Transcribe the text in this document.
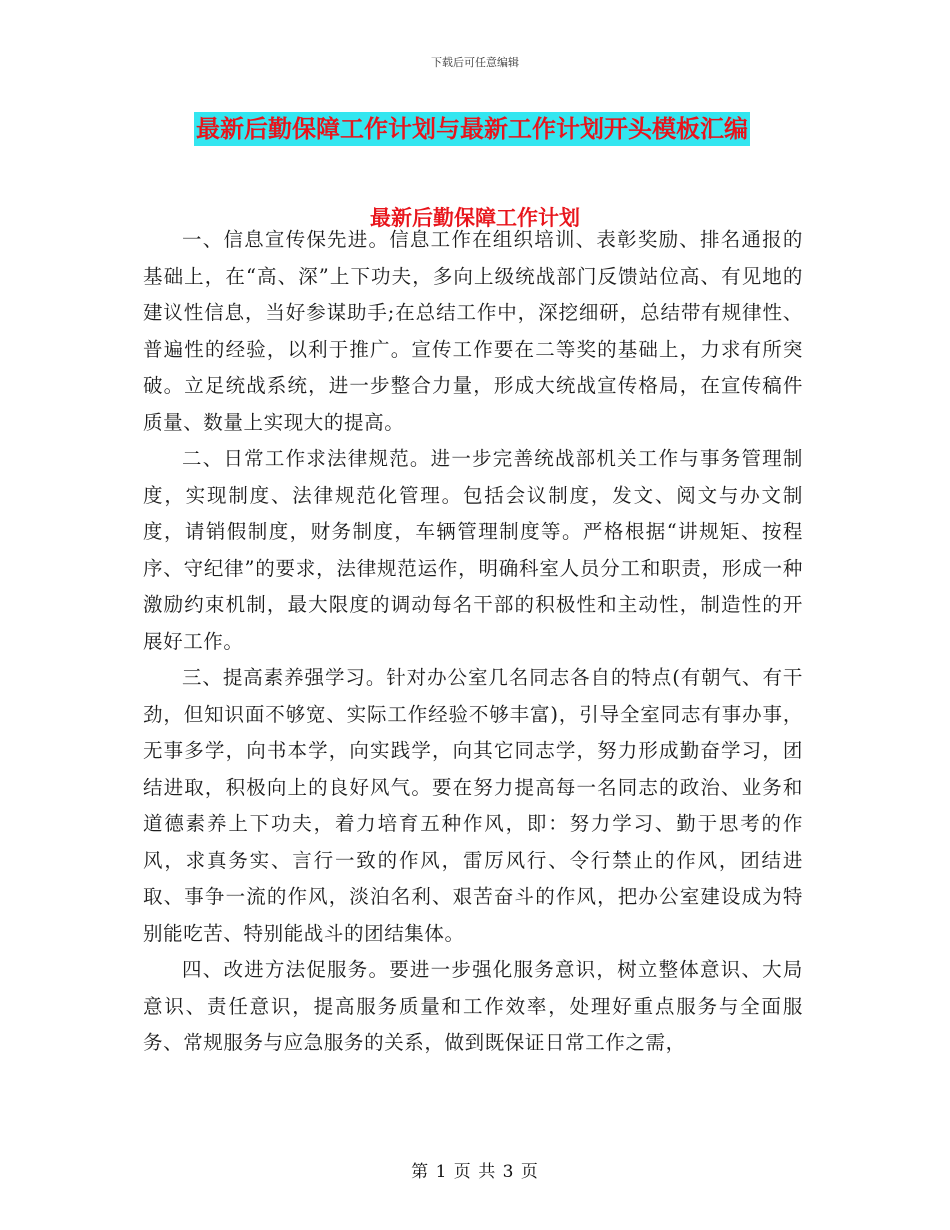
下载后可任意编辑
最新后勤保障工作计划与最新工作计划开头模板汇编
最新后勤保障工作计划

一、信息宣传保先进。信息工作在组织培训、表彰奖励、排名通报的基础上，在“高、深”上下功夫，多向上级统战部门反馈站位高、有见地的建议性信息，当好参谋助手;在总结工作中，深挖细研，总结带有规律性、普遍性的经验，以利于推广。宣传工作要在二等奖的基础上，力求有所突破。立足统战系统，进一步整合力量，形成大统战宣传格局，在宣传稿件质量、数量上实现大的提高。

二、日常工作求法律规范。进一步完善统战部机关工作与事务管理制度，实现制度、法律规范化管理。包括会议制度，发文、阅文与办文制度，请销假制度，财务制度，车辆管理制度等。严格根据“讲规矩、按程序、守纪律”的要求，法律规范运作，明确科室人员分工和职责，形成一种激励约束机制，最大限度的调动每名干部的积极性和主动性，制造性的开展好工作。

三、提高素养强学习。针对办公室几名同志各自的特点(有朝气、有干劲，但知识面不够宽、实际工作经验不够丰富)，引导全室同志有事办事，无事多学，向书本学，向实践学，向其它同志学，努力形成勤奋学习，团结进取，积极向上的良好风气。要在努力提高每一名同志的政治、业务和道德素养上下功夫，着力培育五种作风，即：努力学习、勤于思考的作风，求真务实、言行一致的作风，雷厉风行、令行禁止的作风，团结进取、事争一流的作风，淡泊名利、艰苦奋斗的作风，把办公室建设成为特别能吃苦、特别能战斗的团结集体。

四、改进方法促服务。要进一步强化服务意识，树立整体意识、大局意识、责任意识，提高服务质量和工作效率，处理好重点服务与全面服务、常规服务与应急服务的关系，做到既保证日常工作之需，

第 1 页 共 3 页
